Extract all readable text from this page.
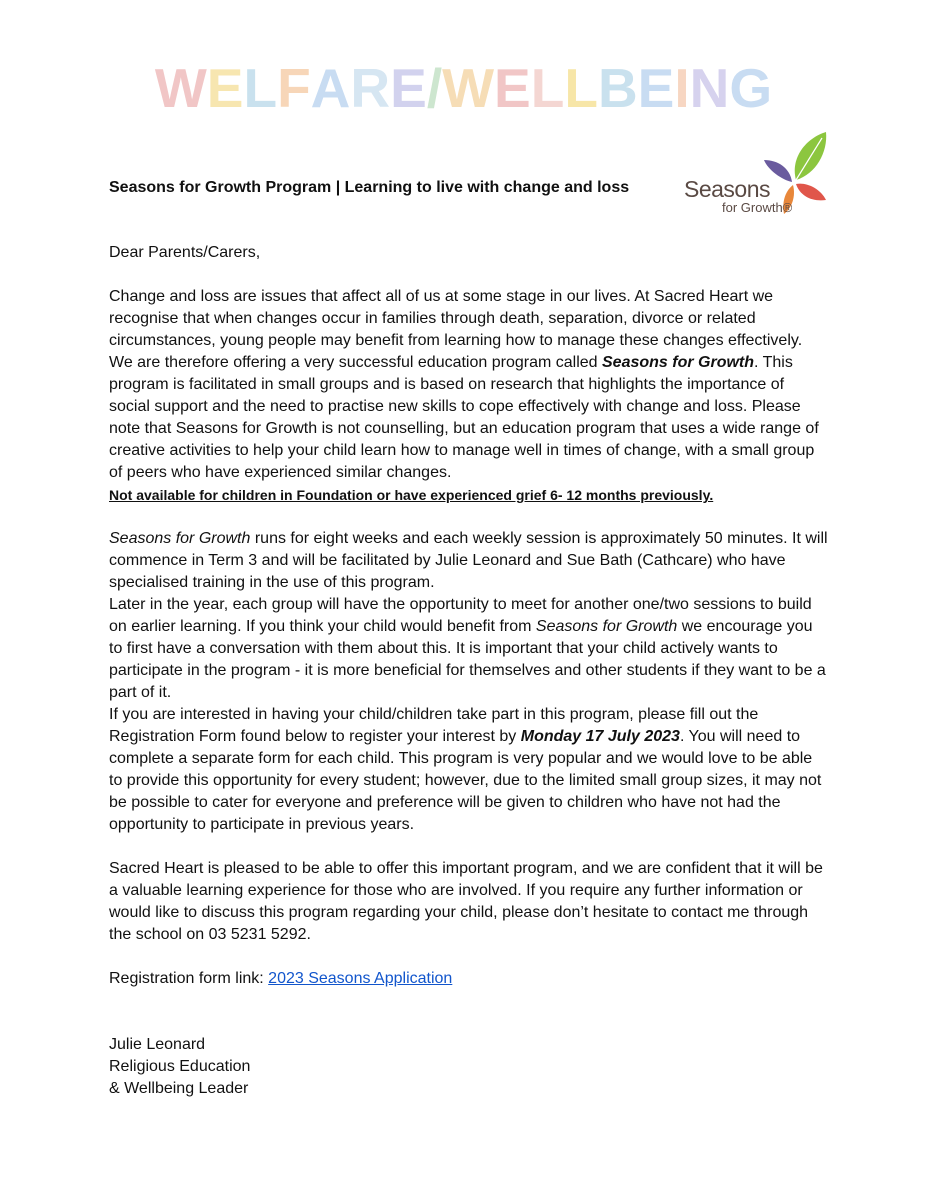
WELFARE/WELLBEING
Seasons for Growth Program | Learning to live with change and loss Seasons
for Growth®

Dear Parents/Carers,

Change and loss are issues that affect all of us at some stage in our lives. At Sacred Heart we recognise that when changes occur in families through death, separation, divorce or related circumstances, young people may benefit from learning how to manage these changes effectively. We are therefore offering a very successful education program called Seasons for Growth. This program is facilitated in small groups and is based on research that highlights the importance of social support and the need to practise new skills to cope effectively with change and loss. Please note that Seasons for Growth is not counselling, but an education program that uses a wide range of creative activities to help your child learn how to manage well in times of change, with a small group of peers who have experienced similar changes.

Not available for children in Foundation or have experienced grief 6- 12 months previously.

Seasons for Growth runs for eight weeks and each weekly session is approximately 50 minutes. It will commence in Term 3 and will be facilitated by Julie Leonard and Sue Bath (Cathcare) who have specialised training in the use of this program.

Later in the year, each group will have the opportunity to meet for another one/two sessions to build on earlier learning. If you think your child would benefit from Seasons for Growth we encourage you to first have a conversation with them about this. It is important that your child actively wants to participate in the program - it is more beneficial for themselves and other students if they want to be a part of it.

If you are interested in having your child/children take part in this program, please fill out the Registration Form found below to register your interest by Monday 17 July 2023. You will need to complete a separate form for each child. This program is very popular and we would love to be able to provide this opportunity for every student; however, due to the limited small group sizes, it may not be possible to cater for everyone and preference will be given to children who have not had the opportunity to participate in previous years.

Sacred Heart is pleased to be able to offer this important program, and we are confident that it will be a valuable learning experience for those who are involved. If you require any further information or would like to discuss this program regarding your child, please don’t hesitate to contact me through the school on 03 5231 5292.

Registration form link: 2023 Seasons Application

Julie Leonard

Religious Education

& Wellbeing Leader
